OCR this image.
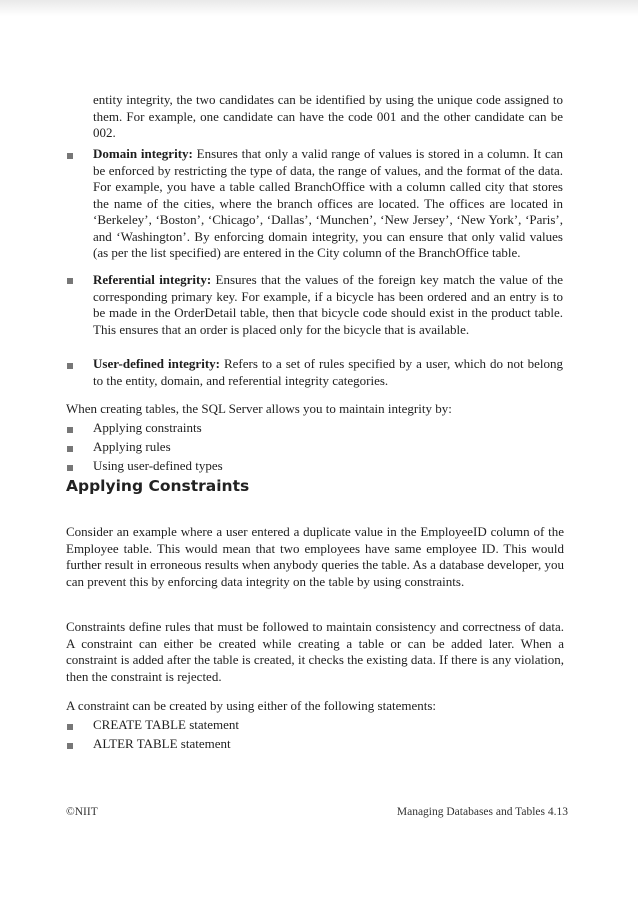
entity integrity, the two candidates can be identified by using the unique code assigned to them. For example, one candidate can have the code 001 and the other candidate can be 002.

Domain integrity: Ensures that only a valid range of values is stored in a column. It can be enforced by restricting the type of data, the range of values, and the format of the data. For example, you have a table called BranchOffice with a column called city that stores the name of the cities, where the branch offices are located. The offices are located in ‘Berkeley’, ‘Boston’, ‘Chicago’, ‘Dallas’, ‘Munchen’, ‘New Jersey’, ‘New York’, ‘Paris’, and ‘Washington’. By enforcing domain integrity, you can ensure that only valid values (as per the list specified) are entered in the City column of the BranchOffice table.

Referential integrity: Ensures that the values of the foreign key match the value of the corresponding primary key. For example, if a bicycle has been ordered and an entry is to be made in the OrderDetail table, then that bicycle code should exist in the product table. This ensures that an order is placed only for the bicycle that is available.

User-defined integrity: Refers to a set of rules specified by a user, which do not belong to the entity, domain, and referential integrity categories.

When creating tables, the SQL Server allows you to maintain integrity by:

Applying constraints

Applying rules

Using user-defined types

Applying Constraints

Consider an example where a user entered a duplicate value in the EmployeeID column of the Employee table. This would mean that two employees have same employee ID. This would further result in erroneous results when anybody queries the table. As a database developer, you can prevent this by enforcing data integrity on the table by using constraints.

Constraints define rules that must be followed to maintain consistency and correctness of data. A constraint can either be created while creating a table or can be added later. When a constraint is added after the table is created, it checks the existing data. If there is any violation, then the constraint is rejected.

A constraint can be created by using either of the following statements:

CREATE TABLE statement

ALTER TABLE statement

©NIIT	Managing Databases and Tables 4.13
